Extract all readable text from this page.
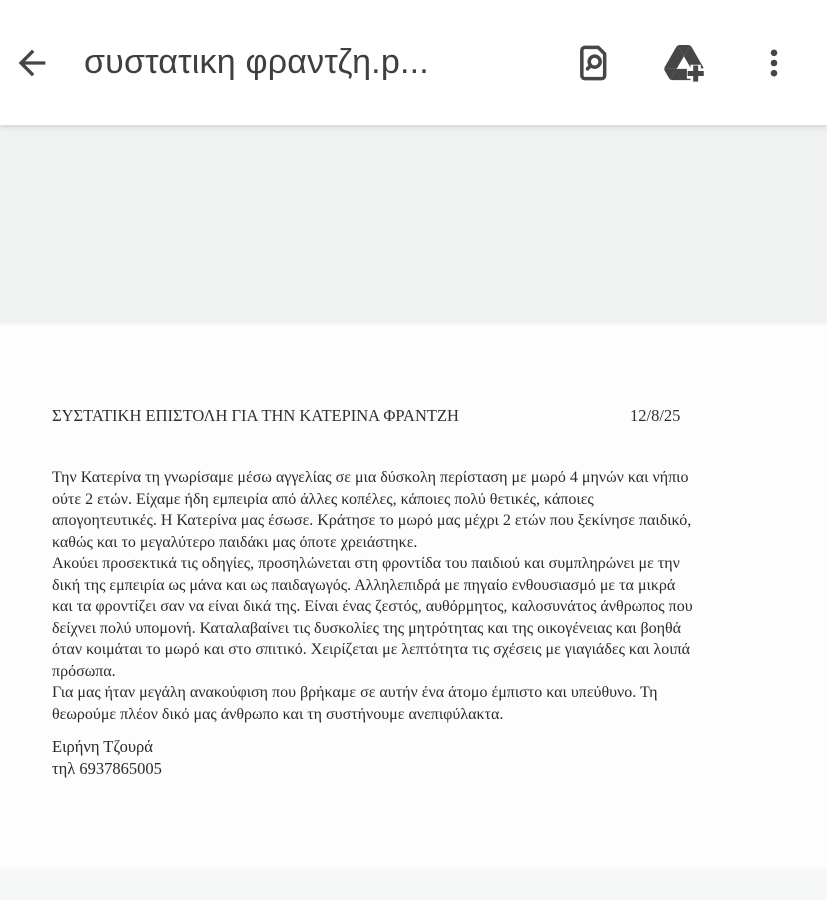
συστατικη φραντζη.p...
ΣΥΣΤΑΤΙΚΗ ΕΠΙΣΤΟΛΗ ΓΙΑ ΤΗΝ ΚΑΤΕΡΙΝΑ ΦΡΑΝΤΖΗ	12/8/25
Την Κατερίνα τη γνωρίσαμε μέσω αγγελίας σε μια δύσκολη περίσταση με μωρό 4 μηνών και νήπιο
ούτε 2 ετών. Είχαμε ήδη εμπειρία από άλλες κοπέλες, κάποιες πολύ θετικές, κάποιες
απογοητευτικές. Η Κατερίνα μας έσωσε. Κράτησε το μωρό μας μέχρι 2 ετών που ξεκίνησε παιδικό,
καθώς και το μεγαλύτερο παιδάκι μας όποτε χρειάστηκε.
Ακούει προσεκτικά τις οδηγίες, προσηλώνεται στη φροντίδα του παιδιού και συμπληρώνει με την
δική της εμπειρία ως μάνα και ως παιδαγωγός. Αλληλεπιδρά με πηγαίο ενθουσιασμό με τα μικρά
και τα φροντίζει σαν να είναι δικά της. Είναι ένας ζεστός, αυθόρμητος, καλοσυνάτος άνθρωπος που
δείχνει πολύ υπομονή. Καταλαβαίνει τις δυσκολίες της μητρότητας και της οικογένειας και βοηθά
όταν κοιμάται το μωρό και στο σπιτικό. Χειρίζεται με λεπτότητα τις σχέσεις με γιαγιάδες και λοιπά
πρόσωπα.
Για μας ήταν μεγάλη ανακούφιση που βρήκαμε σε αυτήν ένα άτομο έμπιστο και υπεύθυνο. Τη
θεωρούμε πλέον δικό μας άνθρωπο και τη συστήνουμε ανεπιφύλακτα.
Ειρήνη Τζουρά
τηλ 6937865005
